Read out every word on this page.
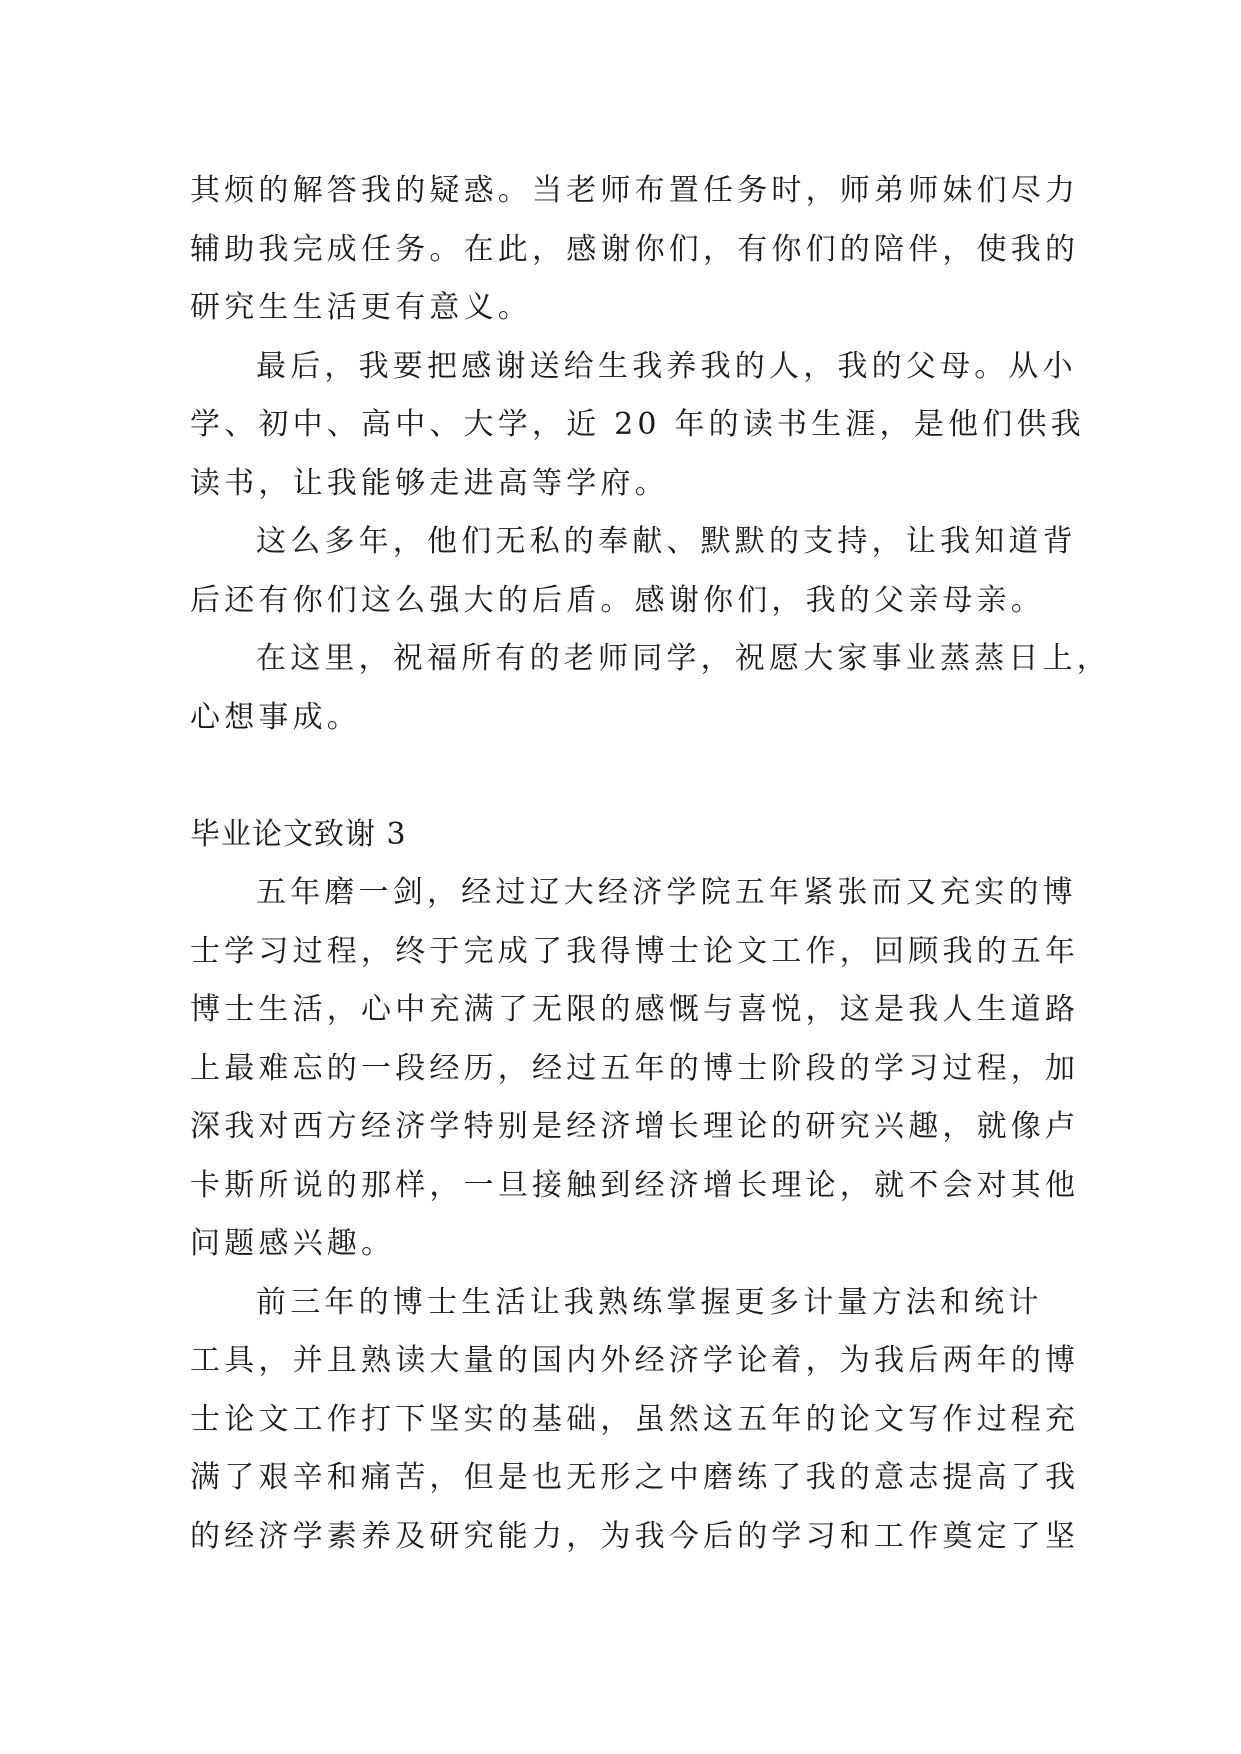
其烦的解答我的疑惑。当老师布置任务时，师弟师妹们尽力
辅助我完成任务。在此，感谢你们，有你们的陪伴，使我的
研究生生活更有意义。
最后，我要把感谢送给生我养我的人，我的父母。从小
学、初中、高中、大学，近 20 年的读书生涯，是他们供我
读书，让我能够走进高等学府。
这么多年，他们无私的奉献、默默的支持，让我知道背
后还有你们这么强大的后盾。感谢你们，我的父亲母亲。
在这里，祝福所有的老师同学，祝愿大家事业蒸蒸日上，
心想事成。
毕业论文致谢 3
五年磨一剑，经过辽大经济学院五年紧张而又充实的博
士学习过程，终于完成了我得博士论文工作，回顾我的五年
博士生活，心中充满了无限的感慨与喜悦，这是我人生道路
上最难忘的一段经历，经过五年的博士阶段的学习过程，加
深我对西方经济学特别是经济增长理论的研究兴趣，就像卢
卡斯所说的那样，一旦接触到经济增长理论，就不会对其他
问题感兴趣。
前三年的博士生活让我熟练掌握更多计量方法和统计
工具，并且熟读大量的国内外经济学论着，为我后两年的博
士论文工作打下坚实的基础，虽然这五年的论文写作过程充
满了艰辛和痛苦，但是也无形之中磨练了我的意志提高了我
的经济学素养及研究能力，为我今后的学习和工作奠定了坚
